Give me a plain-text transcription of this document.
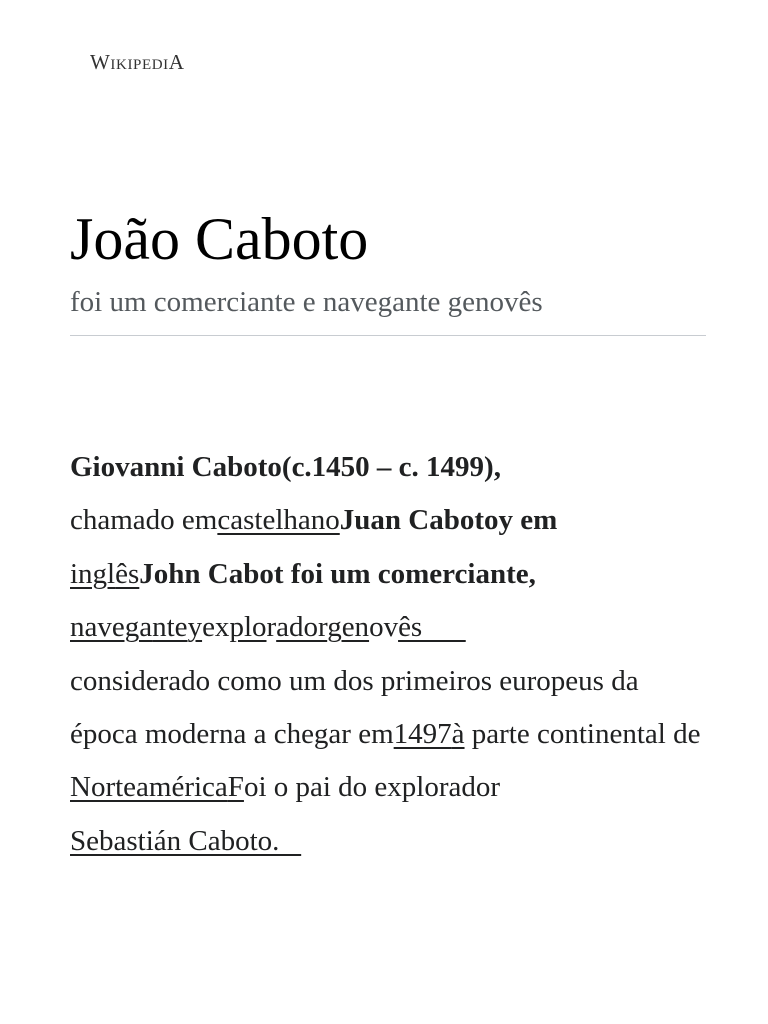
WikipediA
João Caboto
foi um comerciante e navegante genovês

Giovanni Caboto(c.1450 – c. 1499),
chamado emcastelhanoJuan Cabotoy em
inglêsJohn Cabot foi um comerciante,
naveganteyexploradorgenovês
considerado como um dos primeiros europeus da época moderna a chegar em1497à parte continental de NorteaméricaFoi o pai do explorador Sebastián Caboto.
